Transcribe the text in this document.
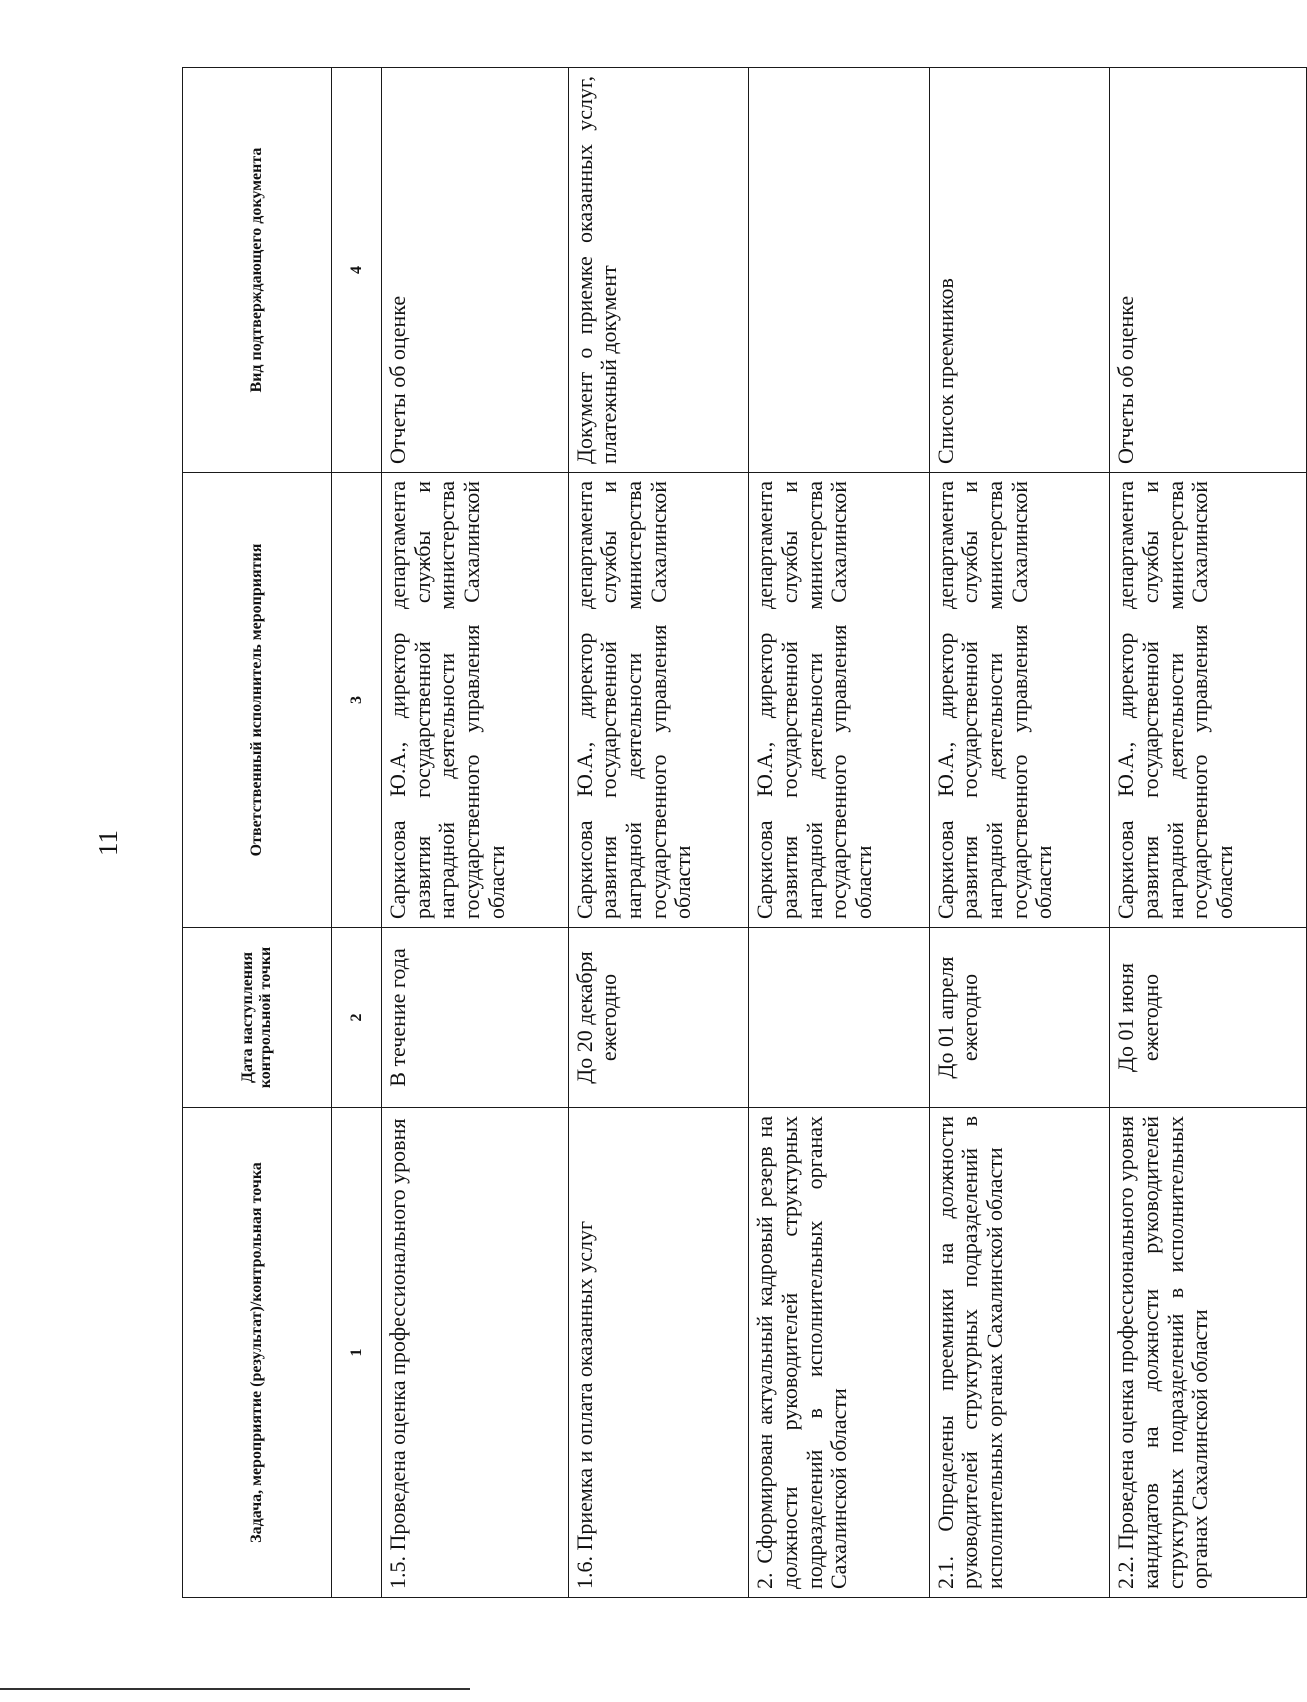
11
Задача, мероприятие (результат)/контрольная точка	Дата наступления контрольной точки	Ответственный исполнитель мероприятия	Вид подтверждающего документа
1	2	3	4
1.5. Проведена оценка профессионального уровня	В течение года	Саркисова Ю.А., директор департамента развития государственной службы и наградной деятельности министерства государственного управления Сахалинской области	Отчеты об оценке
1.6. Приемка и оплата оказанных услуг	До 20 декабря ежегодно	Саркисова Ю.А., директор департамента развития государственной службы и наградной деятельности министерства государственного управления Сахалинской области	Документ о приемке оказанных услуг, платежный документ
2. Сформирован актуальный кадровый резерв на должности руководителей структурных подразделений в исполнительных органах Сахалинской области		Саркисова Ю.А., директор департамента развития государственной службы и наградной деятельности министерства государственного управления Сахалинской области	
2.1. Определены преемники на должности руководителей структурных подразделений в исполнительных органах Сахалинской области	До 01 апреля ежегодно	Саркисова Ю.А., директор департамента развития государственной службы и наградной деятельности министерства государственного управления Сахалинской области	Список преемников
2.2. Проведена оценка профессионального уровня кандидатов на должности руководителей структурных подразделений в исполнительных органах Сахалинской области	До 01 июня ежегодно	Саркисова Ю.А., директор департамента развития государственной службы и наградной деятельности министерства государственного управления Сахалинской области	Отчеты об оценке
